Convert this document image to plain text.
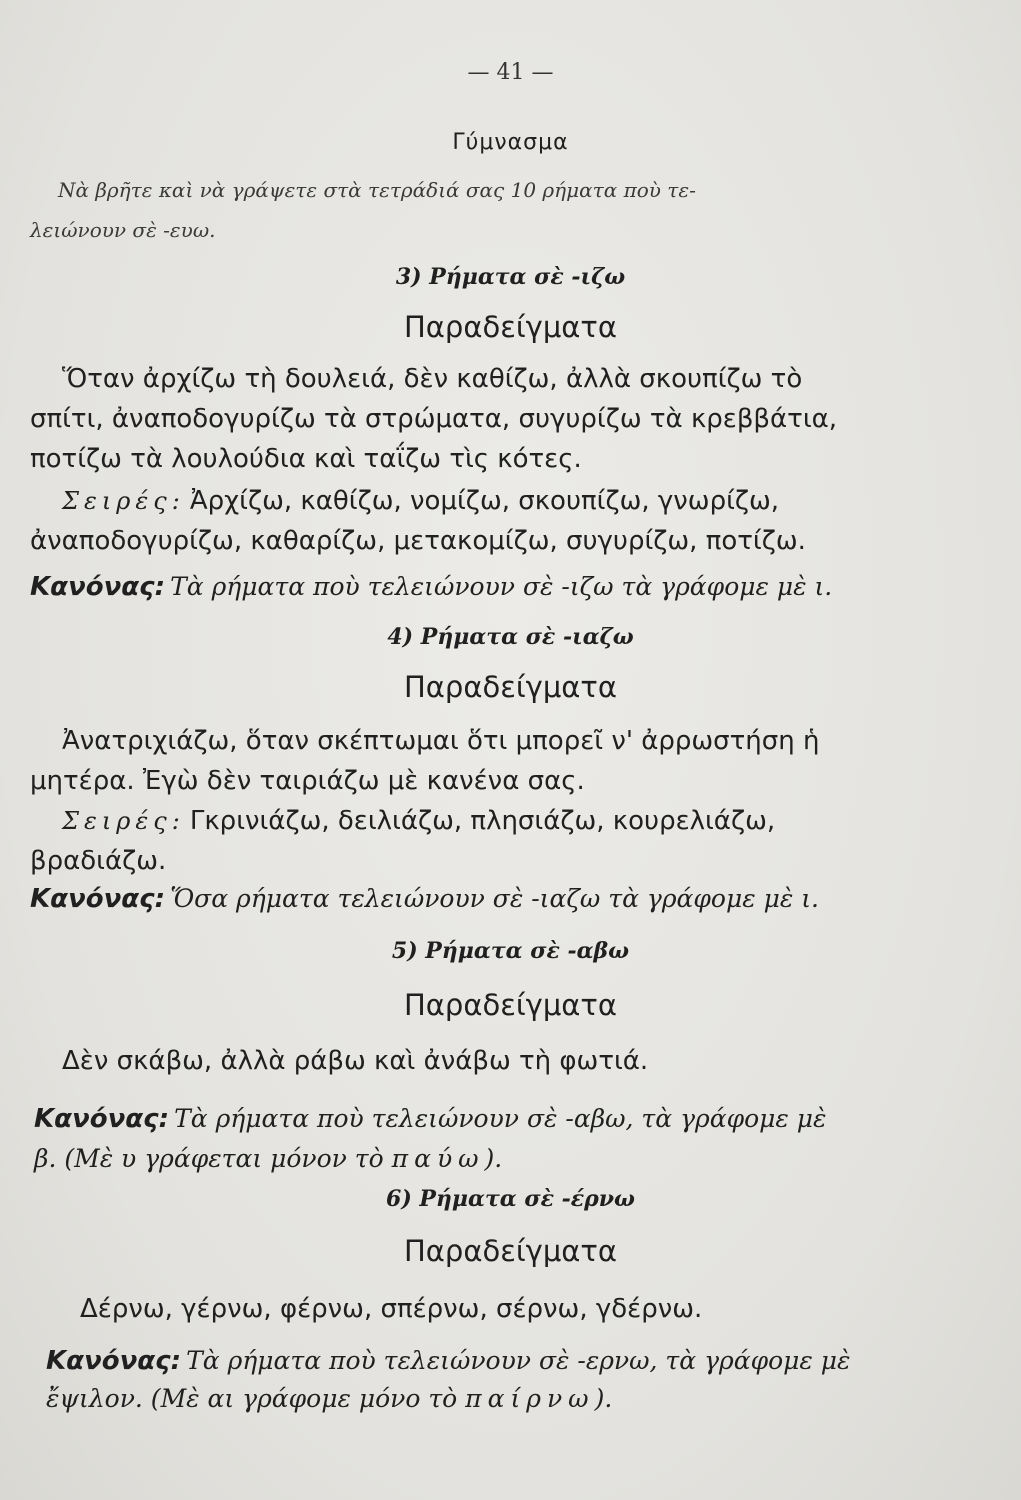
— 41 —
Γύμνασμα
Νὰ βρῆτε καὶ νὰ γράψετε στὰ τετράδιά σας 10 ρήματα ποὺ τε-
λειώνουν σὲ -ευω.
3) Ρήματα σὲ -ιζω
Παραδείγματα
Ὅταν ἀρχίζω τὴ δουλειά, δὲν καθίζω, ἀλλὰ σκουπίζω τὸ
σπίτι, ἀναποδογυρίζω τὰ στρώματα, συγυρίζω τὰ κρεββάτια,
ποτίζω τὰ λουλούδια καὶ ταΐζω τὶς κότες.
Σειρές: Ἀρχίζω, καθίζω, νομίζω, σκουπίζω, γνωρίζω,
ἀναποδογυρίζω, καθαρίζω, μετακομίζω, συγυρίζω, ποτίζω.
Κανόνας: Τὰ ρήματα ποὺ τελειώνουν σὲ -ιζω τὰ γράφομε μὲ ι.
4) Ρήματα σὲ -ιαζω
Παραδείγματα
Ἀνατριχιάζω, ὅταν σκέπτωμαι ὅτι μπορεῖ ν' ἀρρωστήση ἡ
μητέρα. Ἐγὼ δὲν ταιριάζω μὲ κανένα σας.
Σειρές: Γκρινιάζω, δειλιάζω, πλησιάζω, κουρελιάζω,
βραδιάζω.
Κανόνας: Ὅσα ρήματα τελειώνουν σὲ -ιαζω τὰ γράφομε μὲ ι.
5) Ρήματα σὲ -αβω
Παραδείγματα
Δὲν σκάβω, ἀλλὰ ράβω καὶ ἀνάβω τὴ φωτιά.
Κανόνας: Τὰ ρήματα ποὺ τελειώνουν σὲ -αβω, τὰ γράφομε μὲ
β. (Μὲ υ γράφεται μόνον τὸ παύω).
6) Ρήματα σὲ -έρνω
Παραδείγματα
Δέρνω, γέρνω, φέρνω, σπέρνω, σέρνω, γδέρνω.
Κανόνας: Τὰ ρήματα ποὺ τελειώνουν σὲ -ερνω, τὰ γράφομε μὲ
ἔψιλον. (Μὲ αι γράφομε μόνο τὸ παίρνω).
